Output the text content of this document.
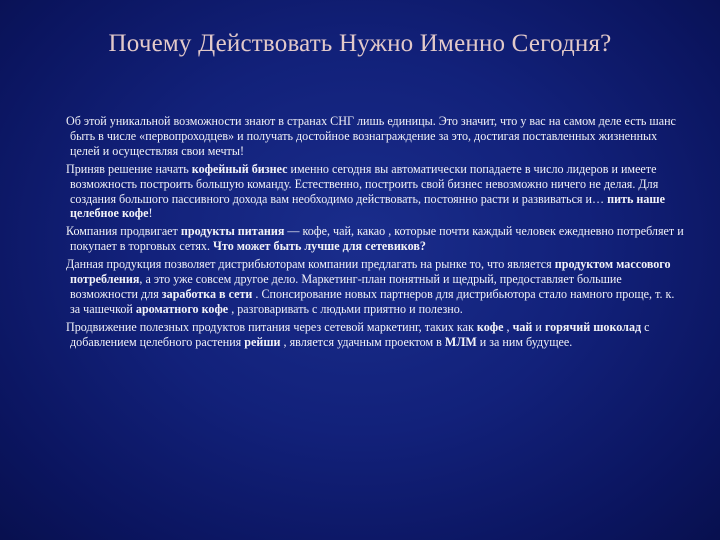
Почему Действовать Нужно Именно Сегодня?

Об этой уникальной возможности знают в странах СНГ лишь единицы. Это значит, что у вас на самом деле есть шанс быть в числе «первопроходцев» и получать достойное вознаграждение за это, достигая поставленных жизненных целей и осуществляя свои мечты!

Приняв решение начать кофейный бизнес именно сегодня вы автоматически попадаете в число лидеров и имеете возможность построить большую команду. Естественно, построить свой бизнес невозможно ничего не делая. Для создания большого пассивного дохода вам необходимо действовать, постоянно расти и развиваться и… пить наше целебное кофе!

Компания продвигает продукты питания — кофе, чай, какао , которые почти каждый человек ежедневно потребляет и покупает в торговых сетях. Что может быть лучше для сетевиков?

Данная продукция позволяет дистрибьюторам компании предлагать на рынке то, что является продуктом массового потребления, а это уже совсем другое дело. Маркетинг-план понятный и щедрый, предоставляет большие возможности для заработка в сети . Спонсирование новых партнеров для дистрибьютора стало намного проще, т. к. за чашечкой ароматного кофе , разговаривать с людьми приятно и полезно.

Продвижение полезных продуктов питания через сетевой маркетинг, таких как кофе , чай и горячий шоколад с добавлением целебного растения рейши , является удачным проектом в МЛМ и за ним будущее.
